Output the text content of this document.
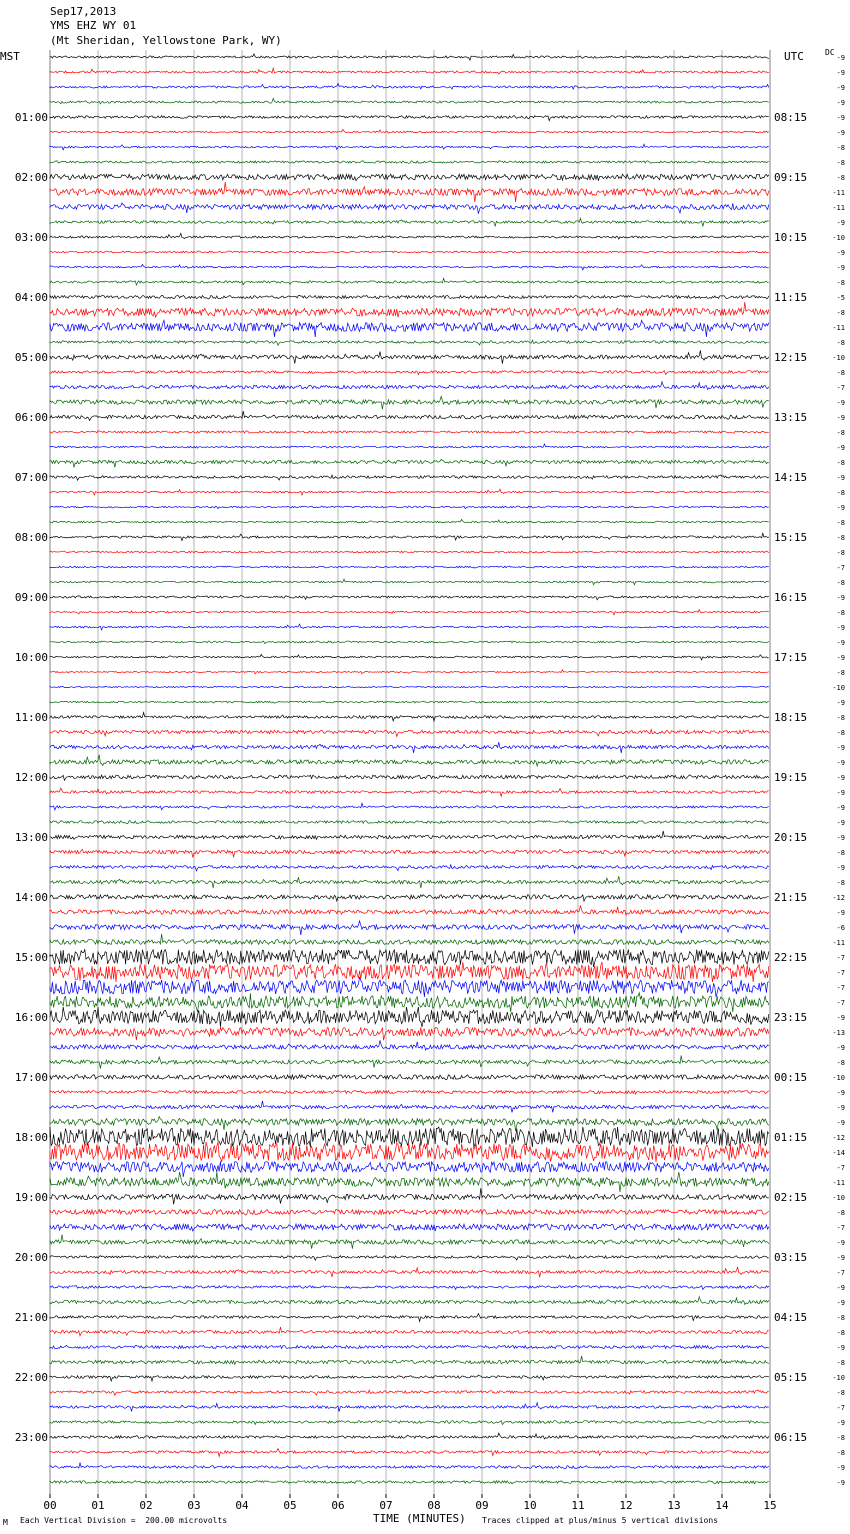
00	01	02	03	04	05	06	07	08	09	10	11	12	13	14	15
-9
-9
-9
-9
-9
-9
-8
-8
-8
-11
-11
-9
-10
-9
-9
-8
-5
-8
-11
-8
-10
-8
-7
-9
-9
-8
-9
-8
-9
-8
-9
-8
-8
-8
-7
-8
-9
-8
-9
-9
-9
-8
-10
-9
-8
-8
-9
-9
-9
-9
-9
-9
-9
-8
-9
-8
-12
-9
-6
-11
-7
-7
-7
-7
-9
-13
-9
-8
-10
-9
-9
-9
-12
-14
-7
-11
-10
-8
-7
-9
-9
-7
-9
-9
-8
-8
-9
-8
-10
-8
-7
-9
-8
-8
-9
-9
01:00	08:15
02:00	09:15
03:00	10:15
04:00	11:15
05:00	12:15
06:00	13:15
07:00	14:15
08:00	15:15
09:00	16:15
10:00	17:15
11:00	18:15
12:00	19:15
13:00	20:15
14:00	21:15
15:00	22:15
16:00	23:15
17:00	00:15
18:00	01:15
19:00	02:15
20:00	03:15
21:00	04:15
22:00	05:15
23:00	06:15
Sep17,2013
YMS EHZ WY 01
(Mt Sheridan, Yellowstone Park, WY)
MST	UTC	DC
TIME (MINUTES)
M Each Vertical Division =  200.00 microvolts	Traces clipped at plus/minus 5 vertical divisions
